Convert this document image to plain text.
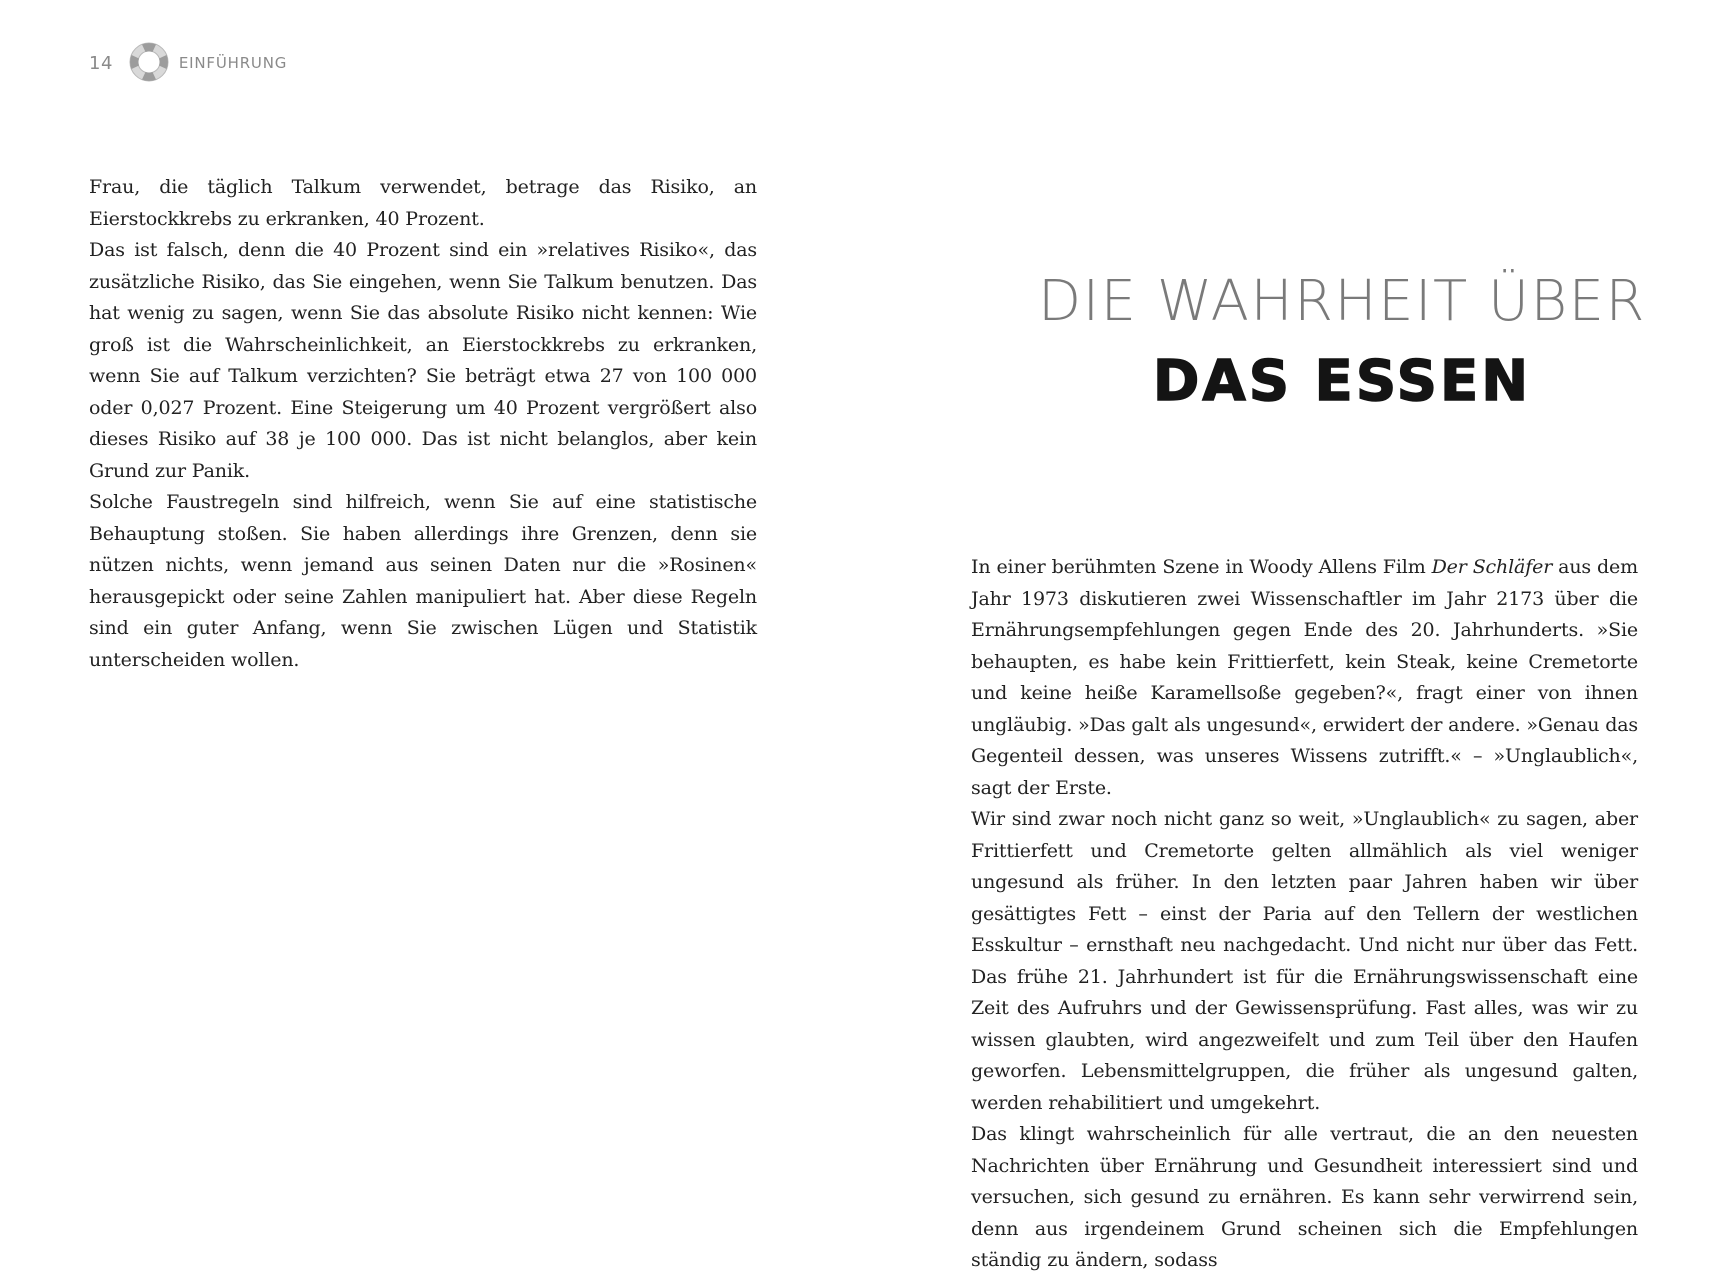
14	EINFÜHRUNG

Frau, die täglich Talkum verwendet, betrage das Risiko, an Eierstockkrebs zu erkranken, 40 Prozent.

Das ist falsch, denn die 40 Prozent sind ein »relatives Risiko«, das zusätzliche Risiko, das Sie eingehen, wenn Sie Talkum benutzen. Das hat wenig zu sagen, wenn Sie das absolute Risiko nicht kennen: Wie groß ist die Wahrscheinlichkeit, an Eierstockkrebs zu erkranken, wenn Sie auf Talkum verzichten? Sie beträgt etwa 27 von 100 000 oder 0,027 Prozent. Eine Steigerung um 40 Prozent vergrößert also dieses Risiko auf 38 je 100 000. Das ist nicht belanglos, aber kein Grund zur Panik.

Solche Faustregeln sind hilfreich, wenn Sie auf eine statistische Behauptung stoßen. Sie haben allerdings ihre Grenzen, denn sie nützen nichts, wenn jemand aus seinen Daten nur die »Rosinen« herausgepickt oder seine Zahlen manipuliert hat. Aber diese Regeln sind ein guter Anfang, wenn Sie zwischen Lügen und Statistik unterscheiden wollen.

DIE WAHRHEIT ÜBER
DAS ESSEN

In einer berühmten Szene in Woody Allens Film Der Schläfer aus dem Jahr 1973 diskutieren zwei Wissenschaftler im Jahr 2173 über die Ernährungsempfehlungen gegen Ende des 20. Jahrhunderts. »Sie behaupten, es habe kein Frittierfett, kein Steak, keine Cremetorte und keine heiße Karamellsoße gegeben?«, fragt einer von ihnen ungläubig. »Das galt als ungesund«, erwidert der andere. »Genau das Gegenteil dessen, was unseres Wissens zutrifft.« – »Unglaublich«, sagt der Erste.

Wir sind zwar noch nicht ganz so weit, »Unglaublich« zu sagen, aber Frittierfett und Cremetorte gelten allmählich als viel weniger ungesund als früher. In den letzten paar Jahren haben wir über gesättigtes Fett – einst der Paria auf den Tellern der westlichen Esskultur – ernsthaft neu nachgedacht. Und nicht nur über das Fett. Das frühe 21. Jahrhundert ist für die Ernährungswissenschaft eine Zeit des Aufruhrs und der Gewissensprüfung. Fast alles, was wir zu wissen glaubten, wird angezweifelt und zum Teil über den Haufen geworfen. Lebensmittelgruppen, die früher als ungesund galten, werden rehabilitiert und umgekehrt.

Das klingt wahrscheinlich für alle vertraut, die an den neuesten Nachrichten über Ernährung und Gesundheit interessiert sind und versuchen, sich gesund zu ernähren. Es kann sehr verwirrend sein, denn aus irgendeinem Grund scheinen sich die Empfehlungen ständig zu ändern, sodass
